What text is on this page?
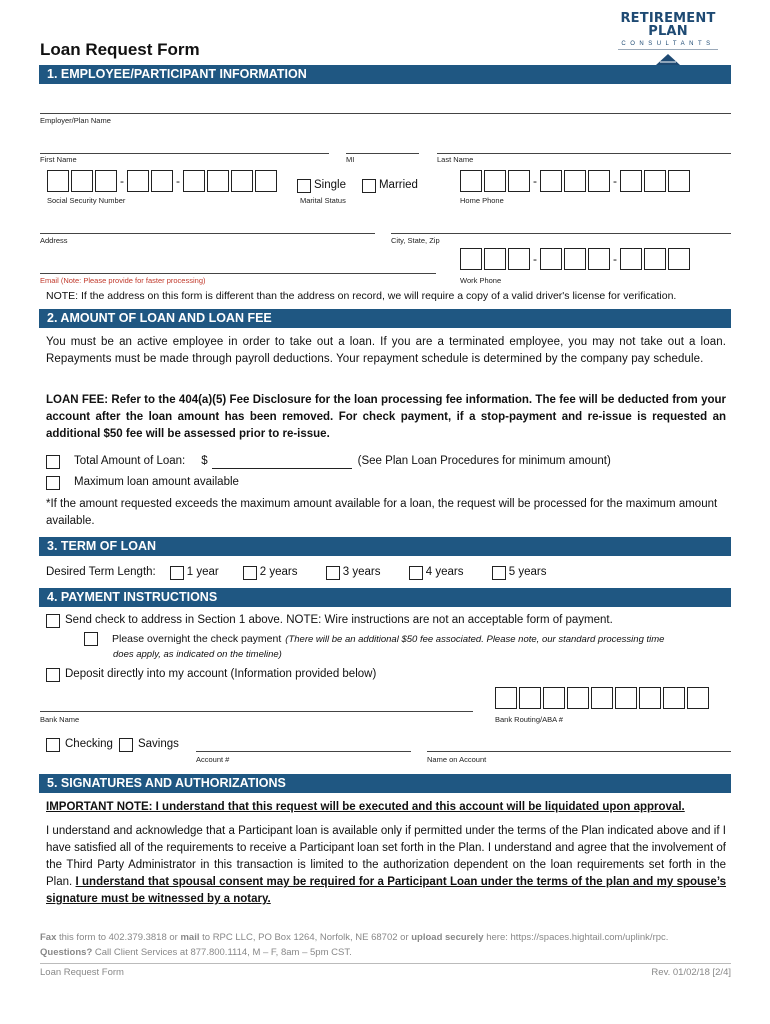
RETIREMENT PLAN
CONSULTANTS
Loan Request Form
1. EMPLOYEE/PARTICIPANT INFORMATION
Employer/Plan Name
First Name	MI	Last Name
-	-
Social Security Number
Single	Married
Marital Status
-	-
Home Phone
Address	City, State, Zip
Email (Note: Please provide for faster processing)
-	-
Work Phone
NOTE: If the address on this form is different than the address on record, we will require a copy of a valid driver's license for verification.
2. AMOUNT OF LOAN AND LOAN FEE
You must be an active employee in order to take out a loan. If you are a terminated employee, you may not take out a loan. Repayments must be made through payroll deductions. Your repayment schedule is determined by the company pay schedule.
LOAN FEE: Refer to the 404(a)(5) Fee Disclosure for the loan processing fee information. The fee will be deducted from your account after the loan amount has been removed. For check payment, if a stop-payment and re-issue is requested an additional $50 fee will be assessed prior to re-issue.
Total Amount of Loan: $	(See Plan Loan Procedures for minimum amount)
Maximum loan amount available
*If the amount requested exceeds the maximum amount available for a loan, the request will be processed for the maximum amount available.
3. TERM OF LOAN
Desired Term Length:	1 year	2 years	3 years	4 years	5 years
4. PAYMENT INSTRUCTIONS
Send check to address in Section 1 above. NOTE: Wire instructions are not an acceptable form of payment.
Please overnight the check payment (There will be an additional $50 fee associated. Please note, our standard processing time
does apply, as indicated on the timeline)
Deposit directly into my account (Information provided below)
Bank Name	Bank Routing/ABA #
Checking Savings
Account #	Name on Account
5. SIGNATURES AND AUTHORIZATIONS
IMPORTANT NOTE: I understand that this request will be executed and this account will be liquidated upon approval.
I understand and acknowledge that a Participant loan is available only if permitted under the terms of the Plan indicated above and if I have satisfied all of the requirements to receive a Participant loan set forth in the Plan. I understand and agree that the involvement of the Third Party Administrator in this transaction is limited to the authorization dependent on the loan requirements set forth in the Plan. I understand that spousal consent may be required for a Participant Loan under the terms of the plan and my spouse’s signature must be witnessed by a notary.
Fax this form to 402.379.3818 or mail to RPC LLC, PO Box 1264, Norfolk, NE 68702 or upload securely here: https://spaces.hightail.com/uplink/rpc.
Questions? Call Client Services at 877.800.1114, M – F, 8am – 5pm CST.
Loan Request Form	Rev. 01/02/18 [2/4]
